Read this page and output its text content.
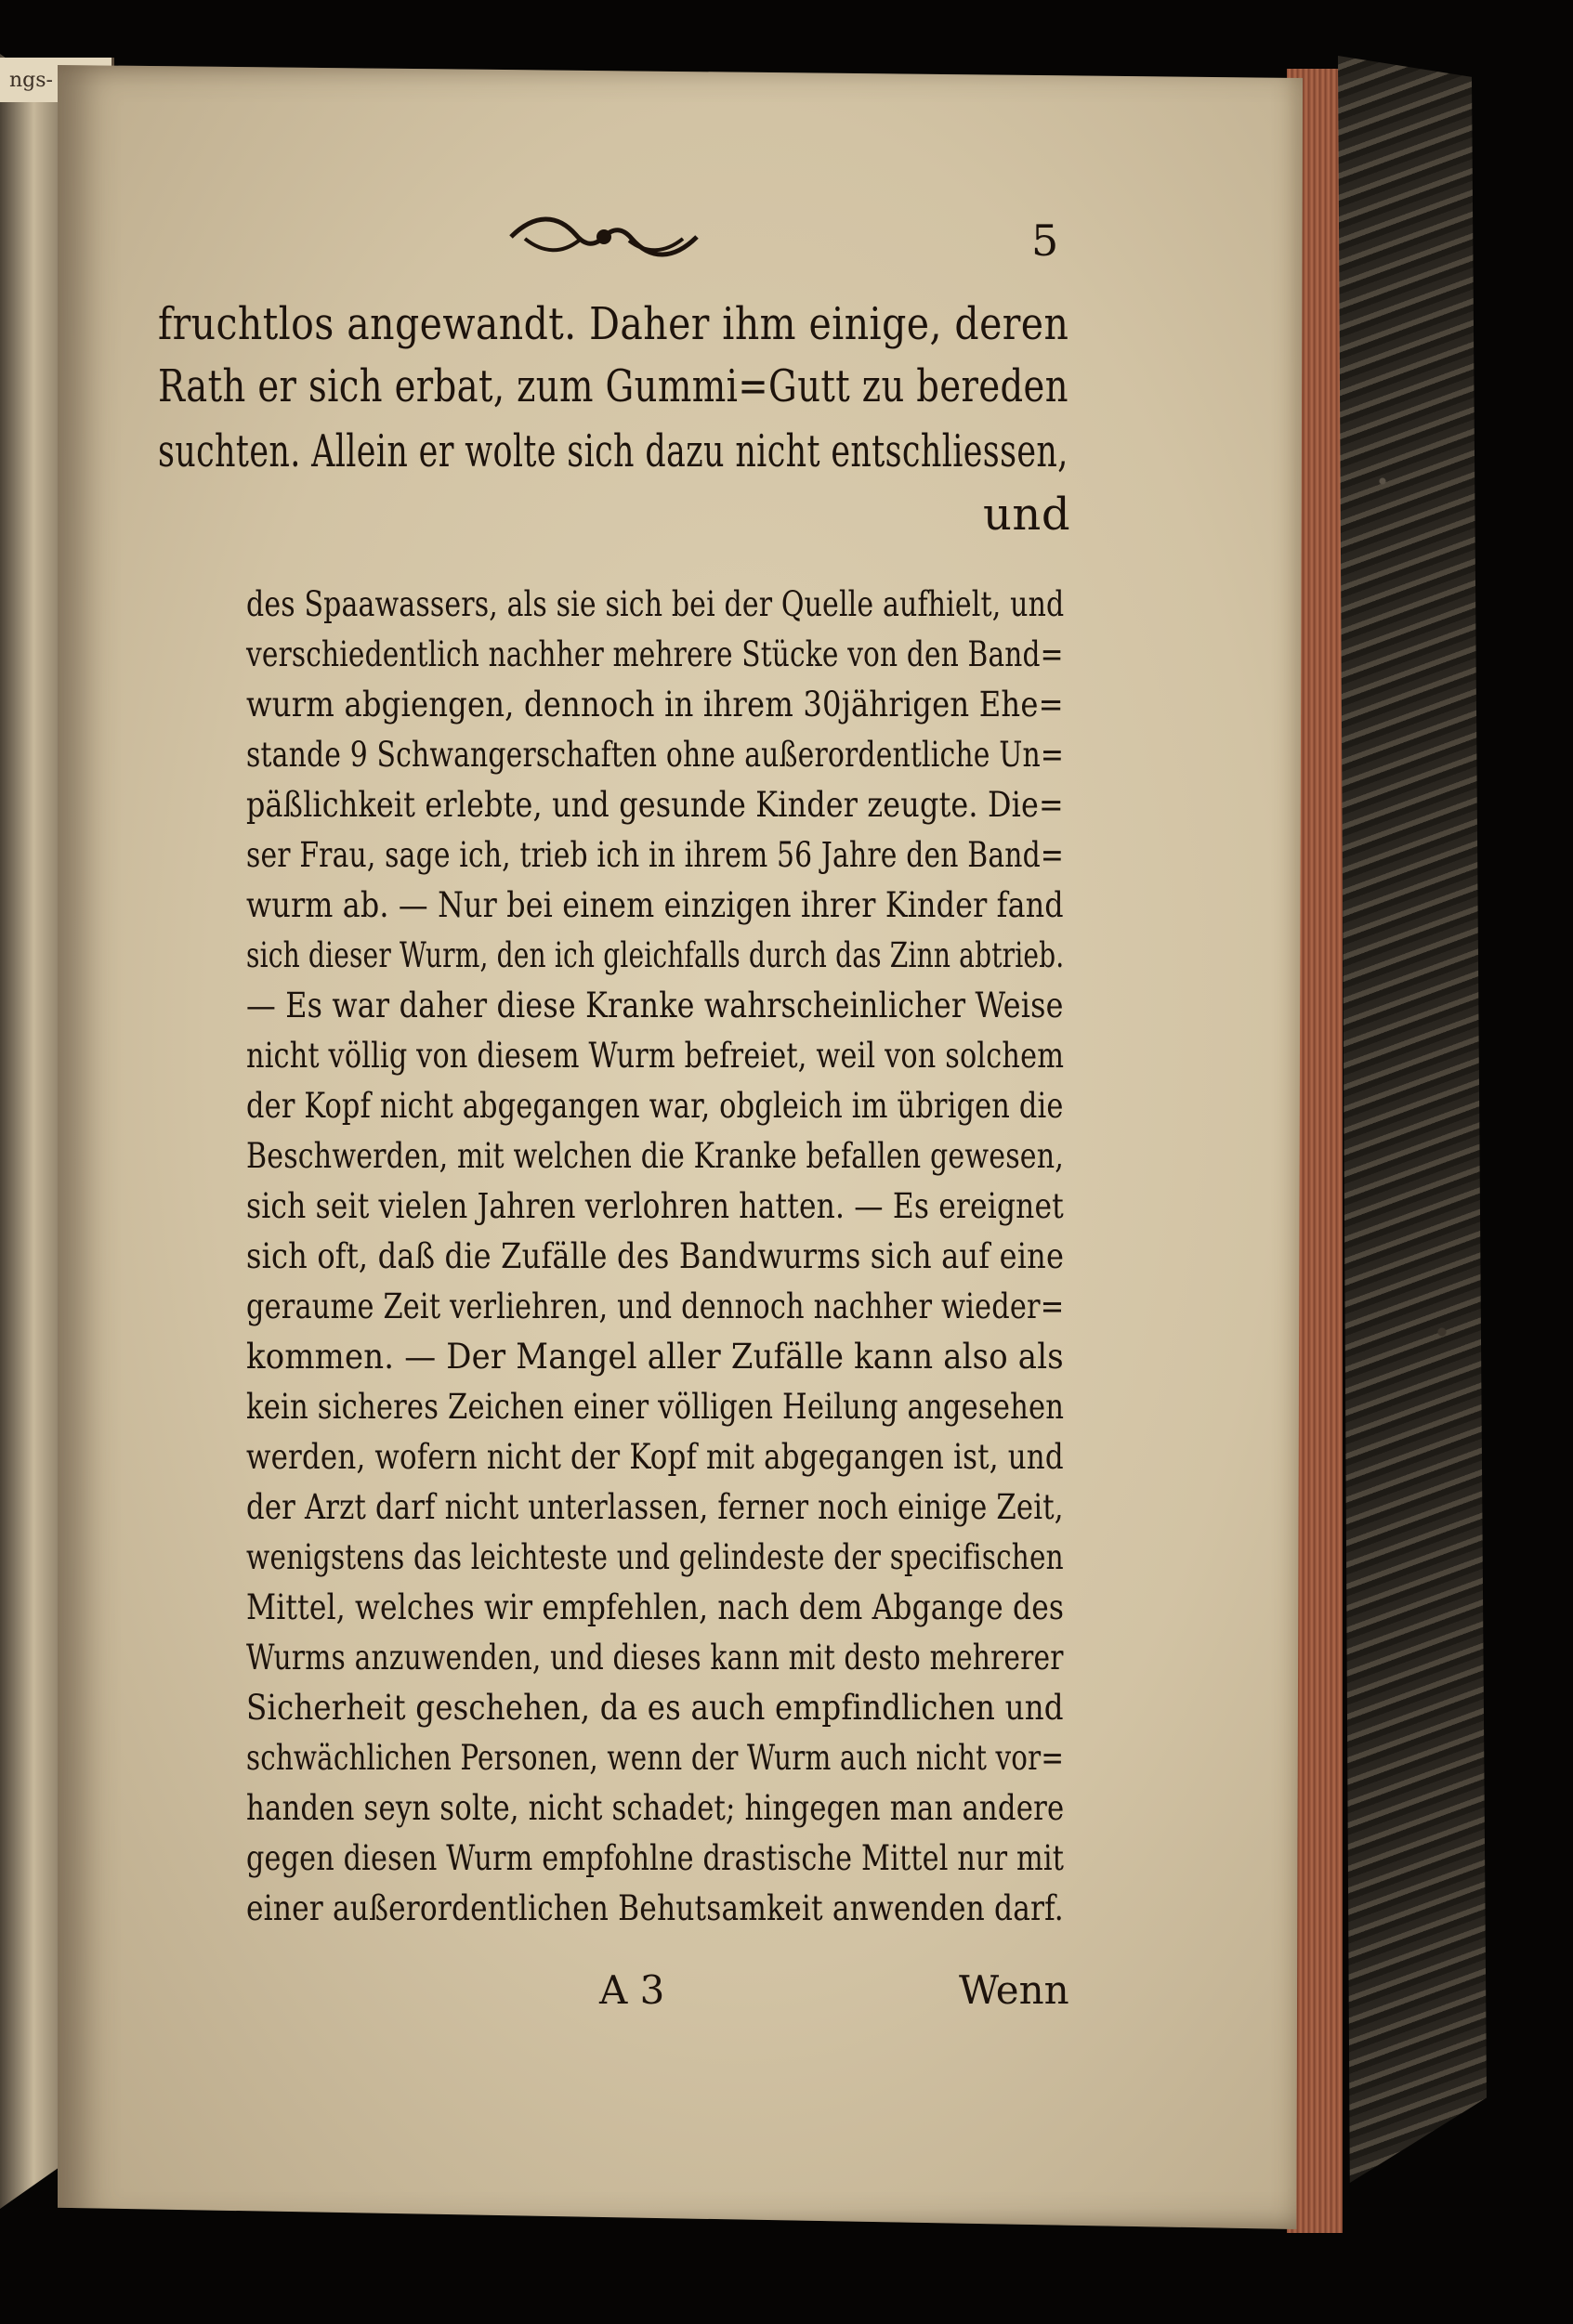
ngs-
5
fruchtlos angewandt. Daher ihm einige, deren
Rath er sich erbat, zum Gummi=Gutt zu bereden
suchten. Allein er wolte sich dazu nicht entschliessen,
und
des Spaawassers, als sie sich bei der Quelle aufhielt, und
verschiedentlich nachher mehrere Stücke von den Band=
wurm abgiengen, dennoch in ihrem 30jährigen Ehe=
stande 9 Schwangerschaften ohne außerordentliche Un=
päßlichkeit erlebte, und gesunde Kinder zeugte. Die=
ser Frau, sage ich, trieb ich in ihrem 56 Jahre den Band=
wurm ab. — Nur bei einem einzigen ihrer Kinder fand
sich dieser Wurm, den ich gleichfalls durch das Zinn abtrieb.
— Es war daher diese Kranke wahrscheinlicher Weise
nicht völlig von diesem Wurm befreiet, weil von solchem
der Kopf nicht abgegangen war, obgleich im übrigen die
Beschwerden, mit welchen die Kranke befallen gewesen,
sich seit vielen Jahren verlohren hatten. — Es ereignet
sich oft, daß die Zufälle des Bandwurms sich auf eine
geraume Zeit verliehren, und dennoch nachher wieder=
kommen. — Der Mangel aller Zufälle kann also als
kein sicheres Zeichen einer völligen Heilung angesehen
werden, wofern nicht der Kopf mit abgegangen ist, und
der Arzt darf nicht unterlassen, ferner noch einige Zeit,
wenigstens das leichteste und gelindeste der specifischen
Mittel, welches wir empfehlen, nach dem Abgange des
Wurms anzuwenden, und dieses kann mit desto mehrerer
Sicherheit geschehen, da es auch empfindlichen und
schwächlichen Personen, wenn der Wurm auch nicht vor=
handen seyn solte, nicht schadet; hingegen man andere
gegen diesen Wurm empfohlne drastische Mittel nur mit
einer außerordentlichen Behutsamkeit anwenden darf.
A 3	Wenn
